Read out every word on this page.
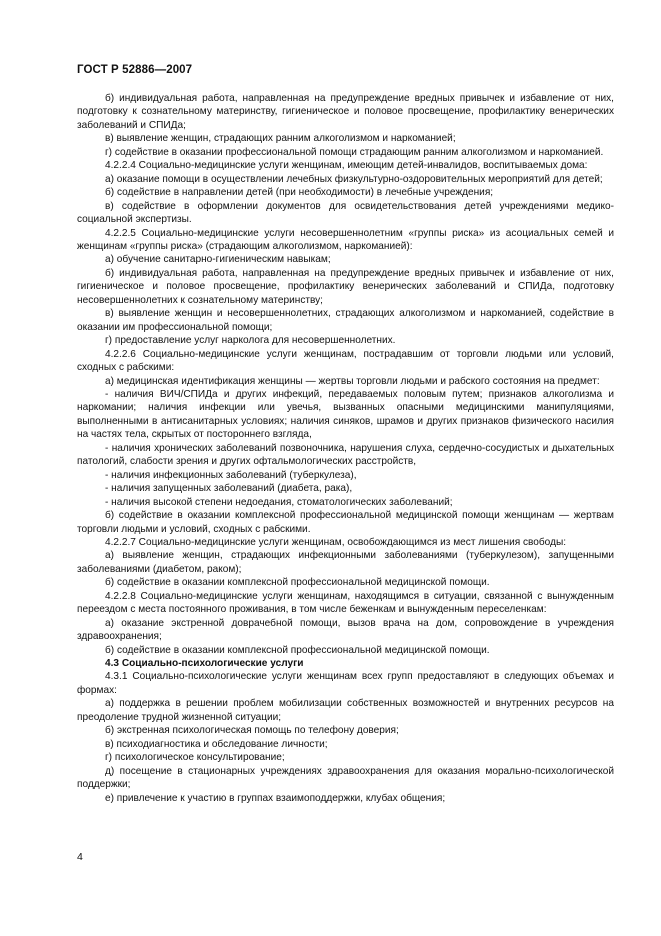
ГОСТ Р 52886—2007

б) индивидуальная работа, направленная на предупреждение вредных привычек и избавление от них, подготовку к сознательному материнству, гигиеническое и половое просвещение, профилактику венерических заболеваний и СПИДа;

в) выявление женщин, страдающих ранним алкоголизмом и наркоманией;

г) содействие в оказании профессиональной помощи страдающим ранним алкоголизмом и наркоманией.

4.2.2.4 Социально-медицинские услуги женщинам, имеющим детей-инвалидов, воспитываемых дома:

а) оказание помощи в осуществлении лечебных физкультурно-оздоровительных мероприятий для детей;

б) содействие в направлении детей (при необходимости) в лечебные учреждения;

в) содействие в оформлении документов для освидетельствования детей учреждениями медико-социальной экспертизы.

4.2.2.5 Социально-медицинские услуги несовершеннолетним «группы риска» из асоциальных семей и женщинам «группы риска» (страдающим алкоголизмом, наркоманией):

а) обучение санитарно-гигиеническим навыкам;

б) индивидуальная работа, направленная на предупреждение вредных привычек и избавление от них, гигиеническое и половое просвещение, профилактику венерических заболеваний и СПИДа, подготовку несовершеннолетних к сознательному материнству;

в) выявление женщин и несовершеннолетних, страдающих алкоголизмом и наркоманией, содействие в оказании им профессиональной помощи;

г) предоставление услуг нарколога для несовершеннолетних.

4.2.2.6 Социально-медицинские услуги женщинам, пострадавшим от торговли людьми или условий, сходных с рабскими:

а) медицинская идентификация женщины — жертвы торговли людьми и рабского состояния на предмет:

- наличия ВИЧ/СПИДа и других инфекций, передаваемых половым путем; признаков алкоголизма и наркомании; наличия инфекции или увечья, вызванных опасными медицинскими манипуляциями, выполненными в антисанитарных условиях; наличия синяков, шрамов и других признаков физического насилия на частях тела, скрытых от постороннего взгляда,

- наличия хронических заболеваний позвоночника, нарушения слуха, сердечно-сосудистых и дыхательных патологий, слабости зрения и других офтальмологических расстройств,

- наличия инфекционных заболеваний (туберкулеза),

- наличия запущенных заболеваний (диабета, рака),

- наличия высокой степени недоедания, стоматологических заболеваний;

б) содействие в оказании комплексной профессиональной медицинской помощи женщинам — жертвам торговли людьми и условий, сходных с рабскими.

4.2.2.7 Социально-медицинские услуги женщинам, освобождающимся из мест лишения свободы:

а) выявление женщин, страдающих инфекционными заболеваниями (туберкулезом), запущенными заболеваниями (диабетом, раком);

б) содействие в оказании комплексной профессиональной медицинской помощи.

4.2.2.8 Социально-медицинские услуги женщинам, находящимся в ситуации, связанной с вынужденным переездом с места постоянного проживания, в том числе беженкам и вынужденным переселенкам:

а) оказание экстренной доврачебной помощи, вызов врача на дом, сопровождение в учреждения здравоохранения;

б) содействие в оказании комплексной профессиональной медицинской помощи.

4.3 Социально-психологические услуги

4.3.1 Социально-психологические услуги женщинам всех групп предоставляют в следующих объемах и формах:

а) поддержка в решении проблем мобилизации собственных возможностей и внутренних ресурсов на преодоление трудной жизненной ситуации;

б) экстренная психологическая помощь по телефону доверия;

в) психодиагностика и обследование личности;

г) психологическое консультирование;

д) посещение в стационарных учреждениях здравоохранения для оказания морально-психологической поддержки;

е) привлечение к участию в группах взаимоподдержки, клубах общения;

4
